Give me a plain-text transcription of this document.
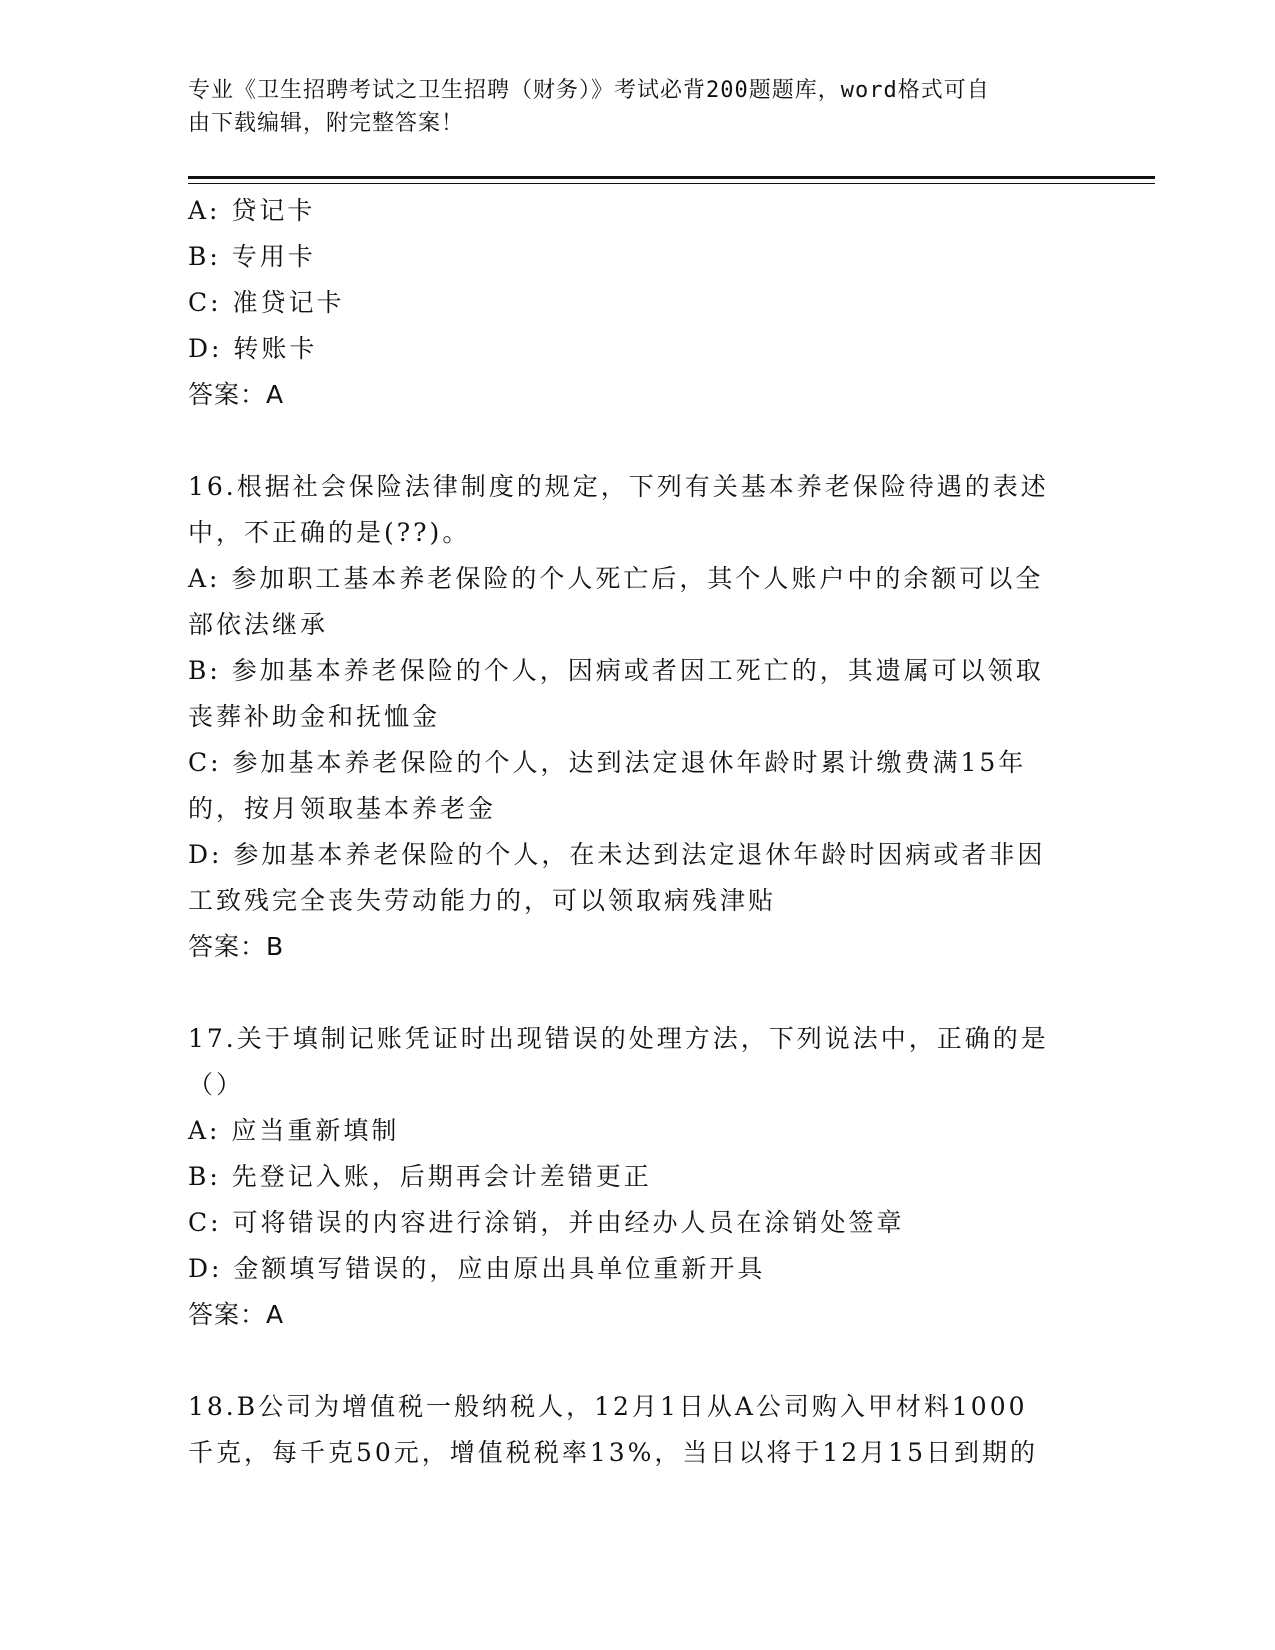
专业《卫生招聘考试之卫生招聘（财务）》考试必背200题题库，word格式可自
由下载编辑，附完整答案！
A: 贷记卡
B: 专用卡
C: 准贷记卡
D: 转账卡
答案：A
16.根据社会保险法律制度的规定，下列有关基本养老保险待遇的表述
中，不正确的是(??)。
A: 参加职工基本养老保险的个人死亡后，其个人账户中的余额可以全
部依法继承
B: 参加基本养老保险的个人，因病或者因工死亡的，其遗属可以领取
丧葬补助金和抚恤金
C: 参加基本养老保险的个人，达到法定退休年龄时累计缴费满15年
的，按月领取基本养老金
D: 参加基本养老保险的个人，在未达到法定退休年龄时因病或者非因
工致残完全丧失劳动能力的，可以领取病残津贴
答案：B
17.关于填制记账凭证时出现错误的处理方法，下列说法中，正确的是
（）
A: 应当重新填制
B: 先登记入账，后期再会计差错更正
C: 可将错误的内容进行涂销，并由经办人员在涂销处签章
D: 金额填写错误的，应由原出具单位重新开具
答案：A
18.B公司为增值税一般纳税人，12月1日从A公司购入甲材料1000
千克，每千克50元，增值税税率13%，当日以将于12月15日到期的
